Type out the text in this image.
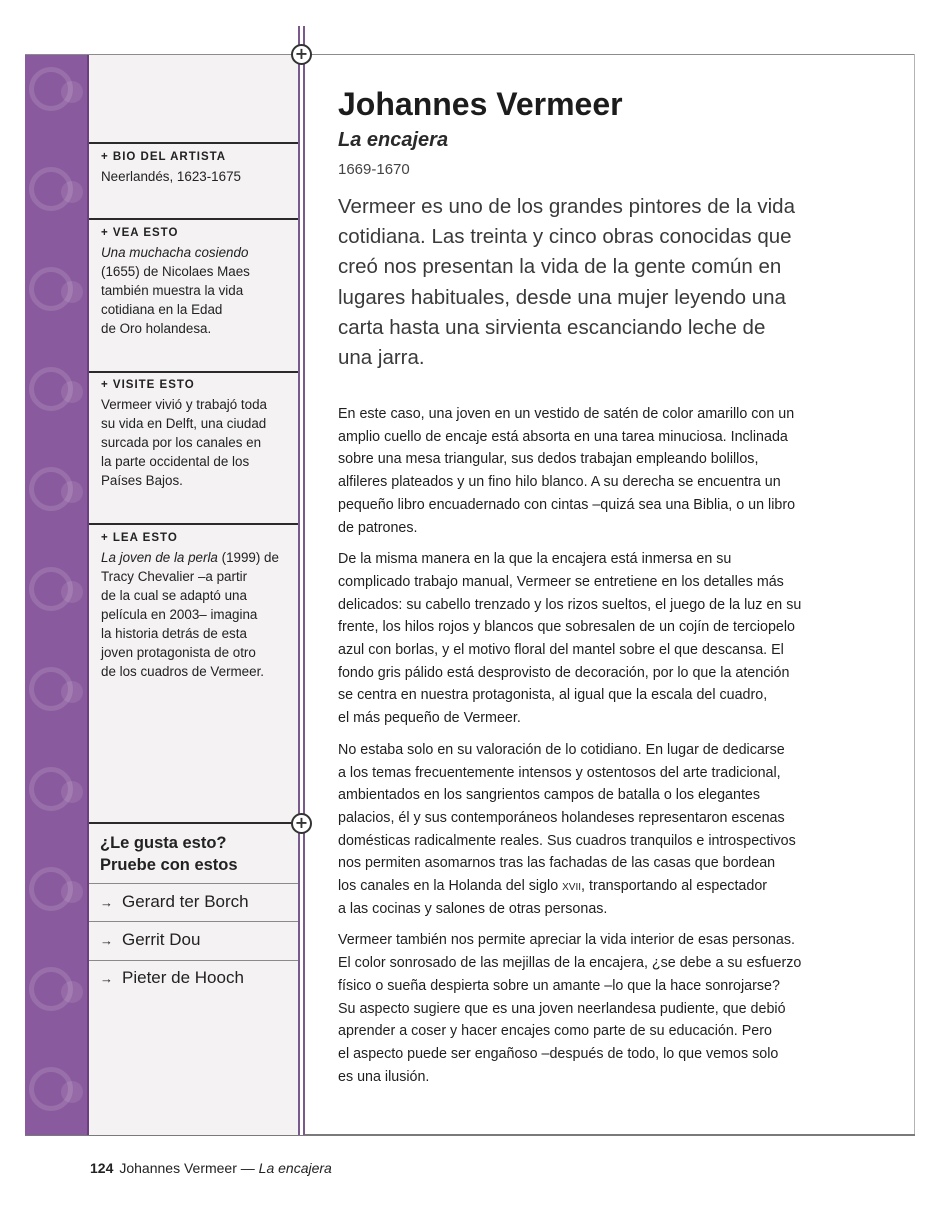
+
+
+ BIO DEL ARTISTA
Neerlandés, 1623-1675
+ VEA ESTO
Una muchacha cosiendo
(1655) de Nicolaes Maes
también muestra la vida
cotidiana en la Edad
de Oro holandesa.
+ VISITE ESTO
Vermeer vivió y trabajó toda
su vida en Delft, una ciudad
surcada por los canales en
la parte occidental de los
Países Bajos.
+ LEA ESTO
La joven de la perla (1999) de
Tracy Chevalier –a partir
de la cual se adaptó una
película en 2003– imagina
la historia detrás de esta
joven protagonista de otro
de los cuadros de Vermeer.
¿Le gusta esto?
Pruebe con estos
→ Gerard ter Borch
→ Gerrit Dou
→ Pieter de Hooch
Johannes Vermeer
La encajera
1669-1670
Vermeer es uno de los grandes pintores de la vida
cotidiana. Las treinta y cinco obras conocidas que
creó nos presentan la vida de la gente común en
lugares habituales, desde una mujer leyendo una
carta hasta una sirvienta escanciando leche de
una jarra.

En este caso, una joven en un vestido de satén de color amarillo con un
amplio cuello de encaje está absorta en una tarea minuciosa. Inclinada
sobre una mesa triangular, sus dedos trabajan empleando bolillos,
alfileres plateados y un fino hilo blanco. A su derecha se encuentra un
pequeño libro encuadernado con cintas –quizá sea una Biblia, o un libro
de patrones.

De la misma manera en la que la encajera está inmersa en su
complicado trabajo manual, Vermeer se entretiene en los detalles más
delicados: su cabello trenzado y los rizos sueltos, el juego de la luz en su
frente, los hilos rojos y blancos que sobresalen de un cojín de terciopelo
azul con borlas, y el motivo floral del mantel sobre el que descansa. El
fondo gris pálido está desprovisto de decoración, por lo que la atención
se centra en nuestra protagonista, al igual que la escala del cuadro,
el más pequeño de Vermeer.

No estaba solo en su valoración de lo cotidiano. En lugar de dedicarse
a los temas frecuentemente intensos y ostentosos del arte tradicional,
ambientados en los sangrientos campos de batalla o los elegantes
palacios, él y sus contemporáneos holandeses representaron escenas
domésticas radicalmente reales. Sus cuadros tranquilos e introspectivos
nos permiten asomarnos tras las fachadas de las casas que bordean
los canales en la Holanda del siglo xvii, transportando al espectador
a las cocinas y salones de otras personas.

Vermeer también nos permite apreciar la vida interior de esas personas.
El color sonrosado de las mejillas de la encajera, ¿se debe a su esfuerzo
físico o sueña despierta sobre un amante –lo que la hace sonrojarse?
Su aspecto sugiere que es una joven neerlandesa pudiente, que debió
aprender a coser y hacer encajes como parte de su educación. Pero
el aspecto puede ser engañoso –después de todo, lo que vemos solo
es una ilusión.

124 Johannes Vermeer — La encajera
